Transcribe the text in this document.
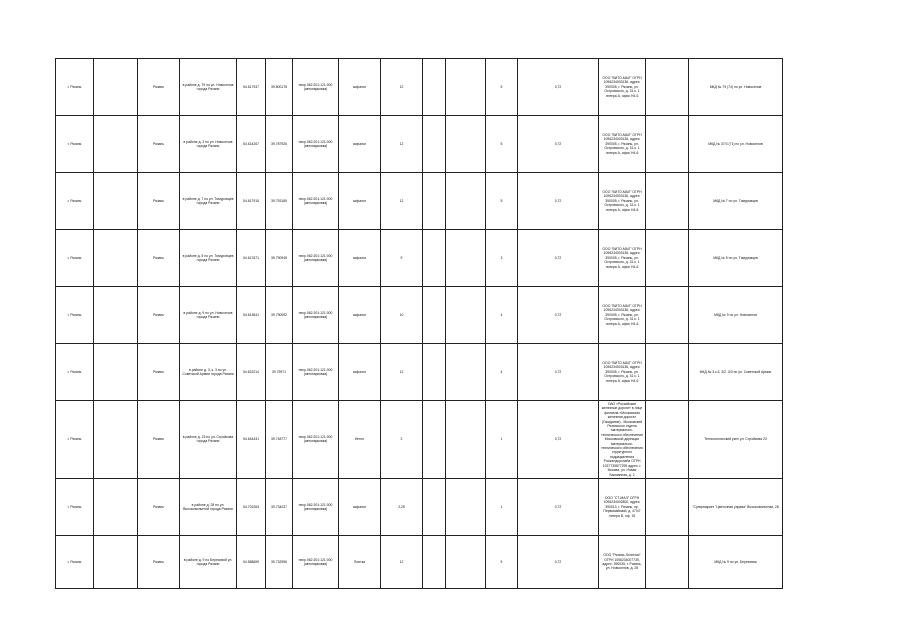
г. Рязань		Рязань	в районе д. 79 по ул. Новоселов города Рязани	54.617937	39.800178	неср.062:201:121:000 (автопарковка)	асфальт	12			5	0,72	ООО "ВИТО-МАЛ" ОГРН 1096234003136, адрес: 390005, г. Рязань, ул. Островского, д. 31 к. 1 литера А, офис Н4-6		МКД № 79 (74) по ул. Новоселов
г. Рязань		Рязань	в районе д. 3 по ул. Новоселов города Рязани	54.614267	39.787926	неср.062:201:121:000 (автопарковка)	асфальт	12			5	0,72	ООО "ВИТО-МАЛ" ОГРН 1096234003136, адрес: 390005, г. Рязань, ул. Островского, д. 31 к. 1 литера А, офис Н4-6		МКД № 37/3 (71) по ул. Новоселов
г. Рязань		Рязань	в районе д. 7 по ул. Тимуровцев города Рязани	54.617915	39.793185	неср.062:201:121:000 (автопарковка)	асфальт	12			5	0,72	ООО "ВИТО-МАЛ" ОГРН 1096234003136, адрес: 390005, г. Рязань, ул. Островского, д. 31 к. 1 литера А, офис Н4-6		МКД № 7 по ул. Тимуровцев
г. Рязань		Рязань	в районе д. 5 по ул. Тимуровцев города Рязани	54.617671	39.790945	неср.062:201:121:000 (автопарковка)	асфальт	9			3	0,72	ООО "ВИТО-МАЛ" ОГРН 1096234003136, адрес: 390005, г. Рязань, ул. Островского, д. 31 к. 1 литера А, офис Н4-6		МКД № 5 по ул. Тимуровцев
г. Рязань		Рязань	в районе д. 9 по ул. Новоселов города Рязани	54.613641	39.790092	неср.062:201:121:000 (автопарковка)	асфальт	10			4	0,72	ООО "ВИТО-МАЛ" ОГРН 1096234003136, адрес: 390005, г. Рязань, ул. Островского, д. 31 к. 1 литера А, офис Н4-6		МКД № 9 по ул. Новоселов
г. Рязань		Рязань	в районе д. 3, к. 3 по ул. Советской Армии города Рязани	54.622214	39.75971	неср.062:201:121:000 (автопарковка)	асфальт	12			4	0,72	ООО "ВИТО-МАЛ" ОГРН 1096234003136, адрес: 390005, г. Рязань, ул. Островского, д. 31 к. 1 литера А, офис Н4-6		МКД № 3 к.3, 3/2, 3/3 по ул. Советской Армии
г. Рязань		Рязань	в районе д. 23 по ул. Стройкова города Рязани	54.644431	39.748777	неср.062:201:121:000 (автопарковка)	бетон	2			1	0,72	ОАО «Российские железные дороги» в лице филиала «Московская железная дорога» (Ожидание) - Московский Рязанского отдела материально-технического обеспечения Московской дирекции материально-технического обеспечения структурного подразделения Росжелдорснаба ОГРН 1037739877295 адрес: г. Москва, ул. Новая Басманная, д. 2		Технологический узел ул. Стройкова 23
г. Рязань		Рязань	в районе д. 28 по ул. Высоковольтной города Рязани	54.702263	39.734037	неср.062:201:121:000 (автопарковка)	асфальт	2,25			1	0,72	ООО "СТ-МАЛ" ОГРН 1096234002800, адрес: 390013, г. Рязань, пр. Первомайский, д. 47/47 литера В, оф. 15		"Супермаркет "Цветочная управа" Высоковольтная, 28
г. Рязань		Рязань	в районе д. 9 по Березовой ул. города Рязани	54.588659	39.732596	неср.062:201:121:000 (автопарковка)	Плитка	12			5	0,72	ООО "Рязань-Логистик" ОГРН 1056234007739, адрес: 390035, г. Рязань, ул. Новоселов, д. 28		МКД № 9 по ул. Березовая
